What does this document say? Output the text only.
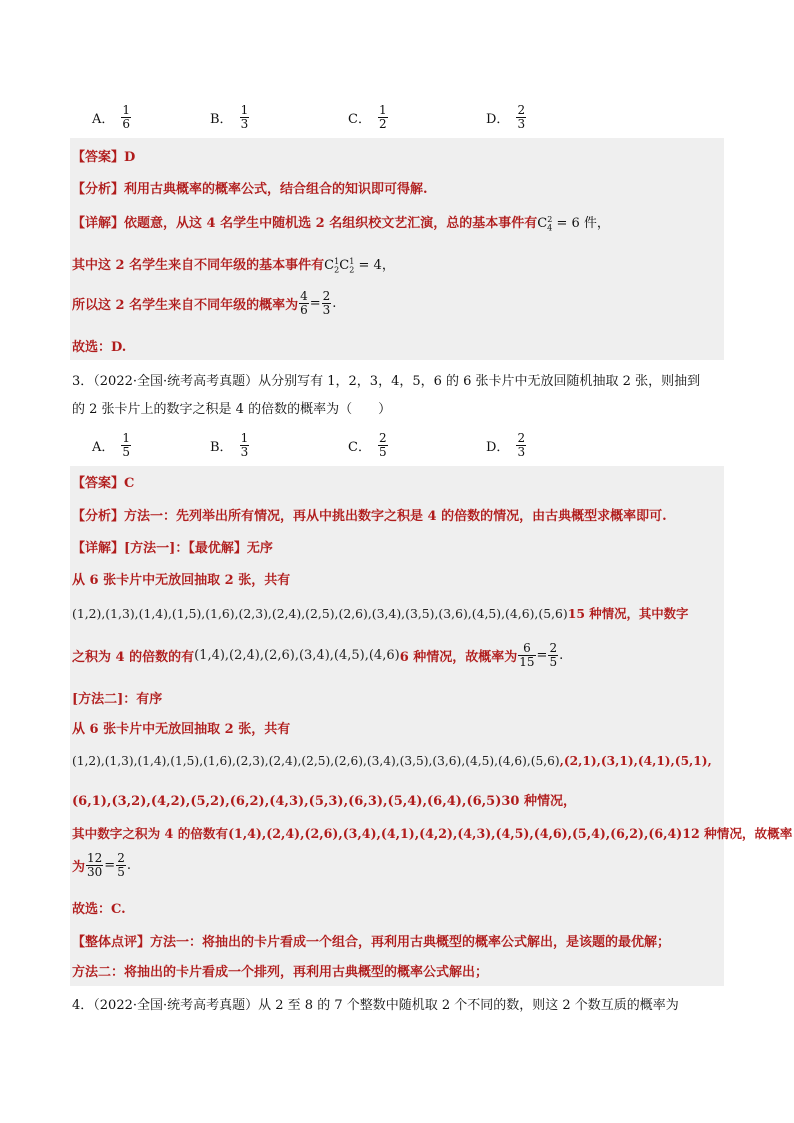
A． $\frac{1}{6}$	B． $\frac{1}{3}$	C． $\frac{1}{2}$	D． $\frac{2}{3}$
【答案】D
【分析】利用古典概率的概率公式，结合组合的知识即可得解.
【详解】依题意，从这 4 名学生中随机选 2 名组织校文艺汇演，总的基本事件有$C_4^2 = 6$ 件，
其中这 2 名学生来自不同年级的基本事件有$C_2^1C_2^1 = 4$，
所以这 2 名学生来自不同年级的概率为 $\frac{4}{6} = \frac{2}{3}$ .
故选：D.
3．（2022·全国·统考高考真题）从分别写有 1，2，3，4，5，6 的 6 张卡片中无放回随机抽取 2 张，则抽到
的 2 张卡片上的数字之积是 4 的倍数的概率为（　　）
A． $\frac{1}{5}$	B． $\frac{1}{3}$	C． $\frac{2}{5}$	D． $\frac{2}{3}$
【答案】C
【分析】方法一：先列举出所有情况，再从中挑出数字之积是 4 的倍数的情况，由古典概型求概率即可.
【详解】[方法一]：【最优解】无序
从 6 张卡片中无放回抽取 2 张，共有
(1,2),(1,3),(1,4),(1,5),(1,6),(2,3),(2,4),(2,5),(2,6),(3,4),(3,5),(3,6),(4,5),(4,6),(5,6)15 种情况，其中数字
之积为 4 的倍数的有 (1,4),(2,4),(2,6),(3,4),(4,5),(4,6) 6 种情况，故概率为 $\frac{6}{15} = \frac{2}{5}$ .
[方法二]：有序
从 6 张卡片中无放回抽取 2 张，共有
(1,2),(1,3),(1,4),(1,5),(1,6),(2,3),(2,4),(2,5),(2,6),(3,4),(3,5),(3,6),(4,5),(4,6),(5,6),(2,1),(3,1),(4,1),(5,1),
(6,1),(3,2),(4,2),(5,2),(6,2),(4,3),(5,3),(6,3),(5,4),(6,4),(6,5)30 种情况，
其中数字之积为 4 的倍数有(1,4),(2,4),(2,6),(3,4),(4,1),(4,2),(4,3),(4,5),(4,6),(5,4),(6,2),(6,4)12 种情况，故概率
为 $\frac{12}{30} = \frac{2}{5}$ .
故选：C.
【整体点评】方法一：将抽出的卡片看成一个组合，再利用古典概型的概率公式解出，是该题的最优解；
方法二：将抽出的卡片看成一个排列，再利用古典概型的概率公式解出；
4．（2022·全国·统考高考真题）从 2 至 8 的 7 个整数中随机取 2 个不同的数，则这 2 个数互质的概率为
